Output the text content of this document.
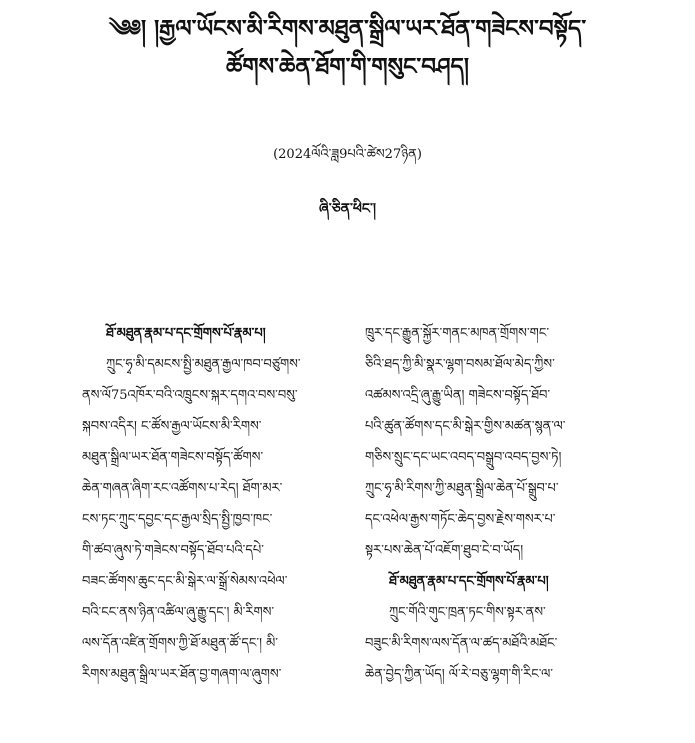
༄༅། །རྒྱལ་ཡོངས་མི་རིགས་མཐུན་སྒྲིལ་ཡར་ཐོན་གཟེངས་བསྟོད་
ཚོགས་ཆེན་ཐོག་གི་གསུང་བཤད།
(2024ལོའི་ཟླ9པའི་ཚེས27ཉིན)
ཞི་ཅིན་ཕིང་།
ཐོ་མཐུན་རྣམ་པ་དང་གྲོགས་པོ་རྣམ་པ།
ཀྲུང་ཧྭ་མི་དམངས་སྤྱི་མཐུན་རྒྱལ་ཁབ་བཙུགས་
ནས་ལོ75འཁོར་བའི་འཁྲུངས་སྐར་དགའ་བས་བསུ་
སྐབས་འདིར། ང་ཚོས་རྒྱལ་ཡོངས་མི་རིགས་
མཐུན་སྒྲིལ་ཡར་ཐོན་གཟེངས་བསྟོད་ཚོགས་
ཆེན་གཞན་ཞིག་རང་འཚོགས་པ་རེད། ཐོག་མར་
ངས་ཏང་ཀྲུང་དབྱང་དང་རྒྱལ་སྲིད་སྤྱི་ཁྱབ་ཁང་
གི་ཚབ་ཞུས་ཏེ་གཟེངས་བསྟོད་ཐོབ་པའི་དཔེ་
བཟང་ཚོགས་ཆུང་དང་མི་སྒེར་ལ་སྒྲོ་སེམས་འཕེལ་
བའི་ངང་ནས་ཉིན་འཚིལ་ཞུ་རྒྱུ་དང་། མི་རིགས་
ལས་དོན་འཛིན་གྲོགས་ཀྱི་ཐོ་མཐུན་ཚོ་དང་། མི་
རིགས་མཐུན་སྒྲིལ་ཡར་ཐོན་བྱ་གཞག་ལ་ཞུགས་
ཁྲུར་དང་རྒྱུན་སྐྱོར་གནང་མཁན་གྲོགས་གང་
ཅིའི་ཐད་ཀྱི་མི་སྣར་ལྷག་བསམ་ཐོལ་མེད་ཀྱིས་
འཚམས་འདྲི་ཞུ་རྒྱུ་ཡིན། གཟེངས་བསྟོད་ཐོབ་
པའི་ཚུན་ཚོགས་དང་མི་སྒེར་གྱིས་མཚན་སྙན་ལ་
གཅིས་སྲུང་དང་ཡང་འབད་བསྒྲུབ་འབད་བྱས་ཏེ།
ཀྲུང་ཧྭ་མི་རིགས་ཀྱི་མཐུན་སྒྲིལ་ཆེན་པོ་སྒྲུབ་པ་
དང་འཕེལ་རྒྱས་གཏོང་ཆེད་བྱས་རྗེས་གསར་པ་
སྟར་པས་ཆེན་པོ་འཇོག་ཐུབ་ངེ་བ་ཡོད།
ཐོ་མཐུན་རྣམ་པ་དང་གྲོགས་པོ་རྣམ་པ།
ཀྲུང་གོའི་གུང་ཁྲན་ཏང་གིས་སྟར་ནས་
བཟུང་མི་རིགས་ལས་དོན་ལ་ཚད་མཐོའི་མཐོང་
ཆེན་བྱེད་ཀྱིན་ཡོད། ལོ་རེ་བཅུ་ལྷག་གི་རིང་ལ་
